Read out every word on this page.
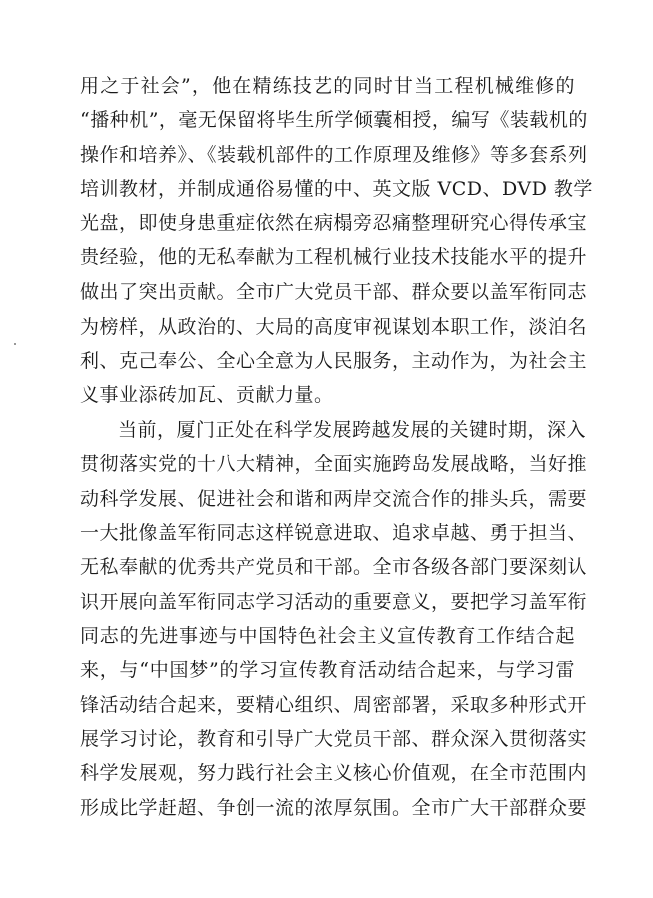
用之于社会”，他在精练技艺的同时甘当工程机械维修的
“播种机”，毫无保留将毕生所学倾囊相授，编写《装载机的
操作和培养》、《装载机部件的工作原理及维修》等多套系列
培训教材，并制成通俗易懂的中、英文版 VCD、DVD 教学
光盘，即使身患重症依然在病榻旁忍痛整理研究心得传承宝
贵经验，他的无私奉献为工程机械行业技术技能水平的提升
做出了突出贡献。全市广大党员干部、群众要以盖军衔同志
为榜样，从政治的、大局的高度审视谋划本职工作，淡泊名
利、克己奉公、全心全意为人民服务，主动作为，为社会主
义事业添砖加瓦、贡献力量。
当前，厦门正处在科学发展跨越发展的关键时期，深入
贯彻落实党的十八大精神，全面实施跨岛发展战略，当好推
动科学发展、促进社会和谐和两岸交流合作的排头兵，需要
一大批像盖军衔同志这样锐意进取、追求卓越、勇于担当、
无私奉献的优秀共产党员和干部。全市各级各部门要深刻认
识开展向盖军衔同志学习活动的重要意义，要把学习盖军衔
同志的先进事迹与中国特色社会主义宣传教育工作结合起
来，与“中国梦”的学习宣传教育活动结合起来，与学习雷
锋活动结合起来，要精心组织、周密部署，采取多种形式开
展学习讨论，教育和引导广大党员干部、群众深入贯彻落实
科学发展观，努力践行社会主义核心价值观，在全市范围内
形成比学赶超、争创一流的浓厚氛围。全市广大干部群众要
